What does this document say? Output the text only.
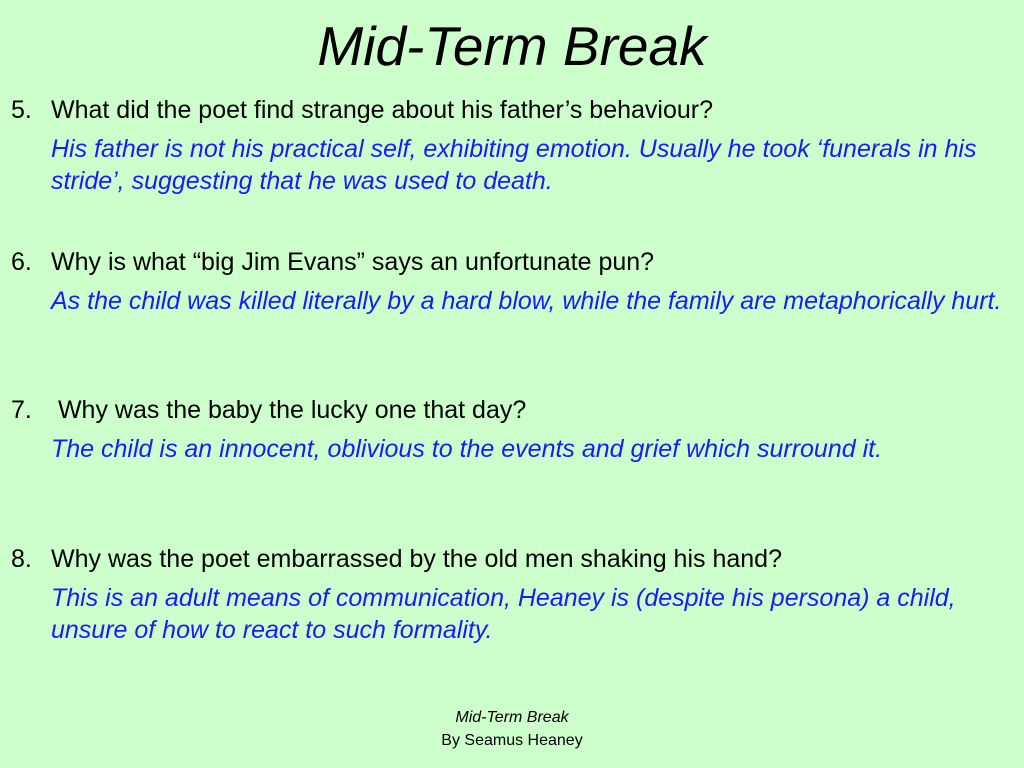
Mid-Term Break
5. What did the poet find strange about his father’s behaviour?
His father is not his practical self, exhibiting emotion. Usually he took ‘funerals in his stride’, suggesting that he was used to death.
6. Why is what “big Jim Evans” says an unfortunate pun?
As the child was killed literally by a hard blow, while the family are metaphorically hurt.
7. Why was the baby the lucky one that day?
The child is an innocent, oblivious to the events and grief which surround it.
8. Why was the poet embarrassed by the old men shaking his hand?
This is an adult means of communication, Heaney is (despite his persona) a child, unsure of how to react to such formality.
Mid-Term Break
By Seamus Heaney
